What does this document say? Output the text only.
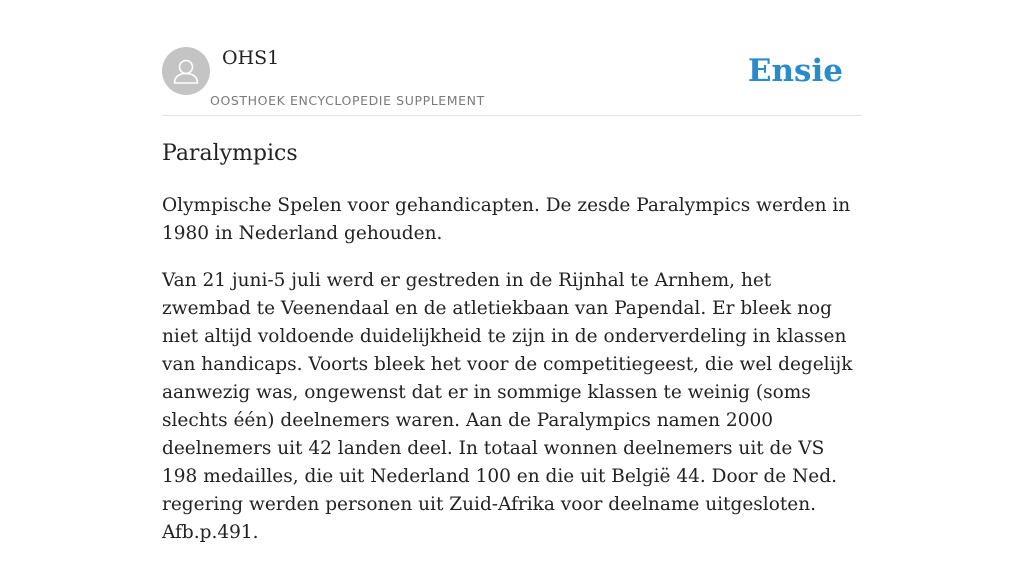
OHS1
OOSTHOEK ENCYCLOPEDIE SUPPLEMENT
Ensie
Paralympics

Olympische Spelen voor gehandicapten. De zesde Paralympics werden in 1980 in Nederland gehouden.

Van 21 juni-5 juli werd er gestreden in de Rijnhal te Arnhem, het zwembad te Veenendaal en de atletiekbaan van Papendal. Er bleek nog niet altijd voldoende duidelijkheid te zijn in de onderverdeling in klassen van handicaps. Voorts bleek het voor de competitiegeest, die wel degelijk aanwezig was, ongewenst dat er in sommige klassen te weinig (soms slechts één) deelnemers waren. Aan de Paralympics namen 2000 deelnemers uit 42 landen deel. In totaal wonnen deelnemers uit de VS 198 medailles, die uit Nederland 100 en die uit België 44. Door de Ned. regering werden personen uit Zuid-Afrika voor deelname uitgesloten. Afb.p.491.
